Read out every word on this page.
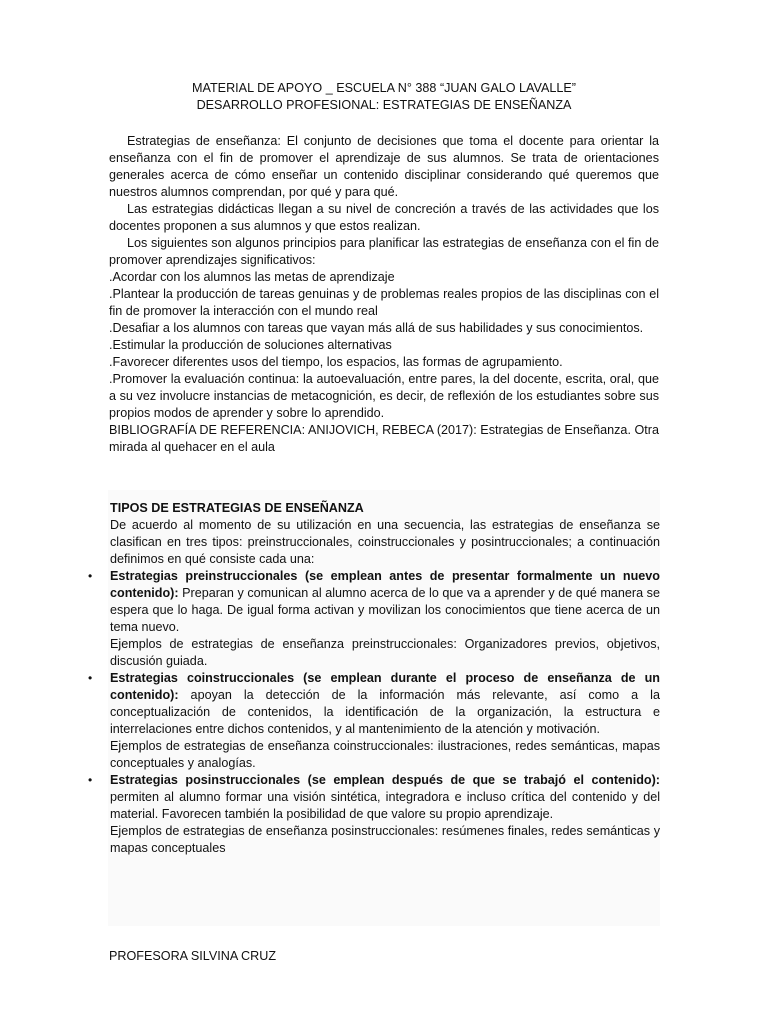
MATERIAL DE APOYO _ ESCUELA N° 388 “JUAN GALO LAVALLE”

DESARROLLO PROFESIONAL: ESTRATEGIAS DE ENSEÑANZA

Estrategias de enseñanza: El conjunto de decisiones que toma el docente para orientar la enseñanza con el fin de promover el aprendizaje de sus alumnos. Se trata de orientaciones generales acerca de cómo enseñar un contenido disciplinar considerando qué queremos que nuestros alumnos comprendan, por qué y para qué.

Las estrategias didácticas llegan a su nivel de concreción a través de las actividades que los docentes proponen a sus alumnos y que estos realizan.

Los siguientes son algunos principios para planificar las estrategias de enseñanza con el fin de promover aprendizajes significativos:

.Acordar con los alumnos las metas de aprendizaje

.Plantear la producción de tareas genuinas y de problemas reales propios de las disciplinas con el fin de promover la interacción con el mundo real

.Desafiar a los alumnos con tareas que vayan más allá de sus habilidades y sus conocimientos.

.Estimular la producción de soluciones alternativas

.Favorecer diferentes usos del tiempo, los espacios, las formas de agrupamiento.

.Promover la evaluación continua: la autoevaluación, entre pares, la del docente, escrita, oral, que a su vez involucre instancias de metacognición, es decir, de reflexión de los estudiantes sobre sus propios modos de aprender y sobre lo aprendido.

BIBLIOGRAFÍA DE REFERENCIA: ANIJOVICH, REBECA (2017): Estrategias de Enseñanza. Otra mirada al quehacer en el aula

TIPOS DE ESTRATEGIAS DE ENSEÑANZA

De acuerdo al momento de su utilización en una secuencia, las estrategias de enseñanza se clasifican en tres tipos: preinstruccionales, coinstruccionales y posintruccionales; a continuación definimos en qué consiste cada una:

• Estrategias preinstruccionales (se emplean antes de presentar formalmente un nuevo contenido): Preparan y comunican al alumno acerca de lo que va a aprender y de qué manera se espera que lo haga. De igual forma activan y movilizan los conocimientos que tiene acerca de un tema nuevo.

Ejemplos de estrategias de enseñanza preinstruccionales: Organizadores previos, objetivos, discusión guiada.

• Estrategias coinstruccionales (se emplean durante el proceso de enseñanza de un contenido): apoyan la detección de la información más relevante, así como a la conceptualización de contenidos, la identificación de la organización, la estructura e interrelaciones entre dichos contenidos, y al mantenimiento de la atención y motivación.

Ejemplos de estrategias de enseñanza coinstruccionales: ilustraciones, redes semánticas, mapas conceptuales y analogías.

• Estrategias posinstruccionales (se emplean después de que se trabajó el contenido): permiten al alumno formar una visión sintética, integradora e incluso crítica del contenido y del material. Favorecen también la posibilidad de que valore su propio aprendizaje.

Ejemplos de estrategias de enseñanza posinstruccionales: resúmenes finales, redes semánticas y mapas conceptuales

PROFESORA SILVINA CRUZ
